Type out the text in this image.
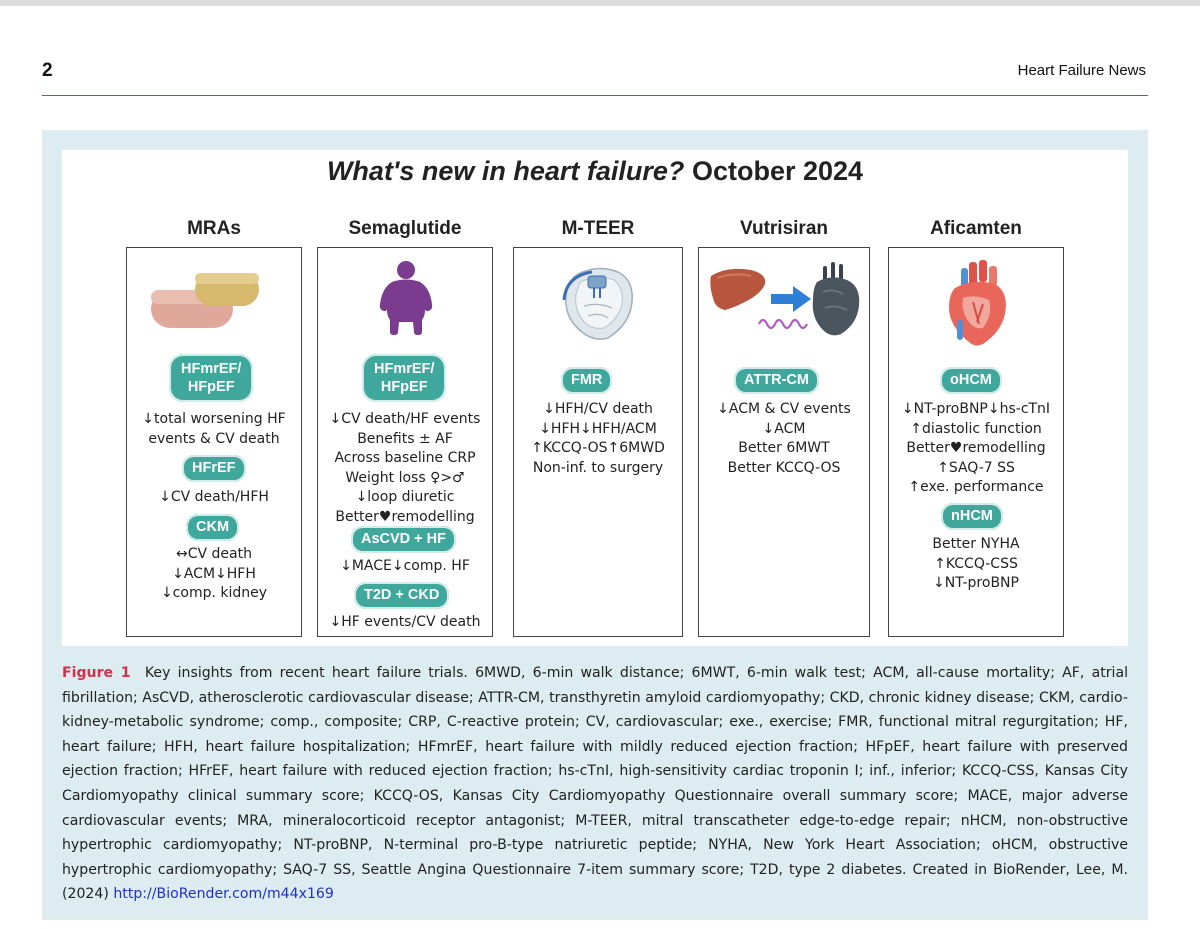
2	Heart Failure News
What's new in heart failure? October 2024
MRAs
HFmrEF/
HFpEF
↓total worsening HF
events & CV death
HFrEF
↓CV death/HFH
CKM
↔CV death
↓ACM↓HFH
↓comp. kidney
Semaglutide
HFmrEF/
HFpEF
↓CV death/HF events
Benefits ± AF
Across baseline CRP
Weight loss ♀>♂
↓loop diuretic
Better♥remodelling
AsCVD + HF
↓MACE↓comp. HF
T2D + CKD
↓HF events/CV death
M-TEER
FMR
↓HFH/CV death
↓HFH↓HFH/ACM
↑KCCQ-OS↑6MWD
Non-inf. to surgery
Vutrisiran
ATTR-CM
↓ACM & CV events
↓ACM
Better 6MWT
Better KCCQ-OS
Aficamten
oHCM
↓NT-proBNP↓hs-cTnI
↑diastolic function
Better♥remodelling
↑SAQ-7 SS
↑exe. performance
nHCM
Better NYHA
↑KCCQ-CSS
↓NT-proBNP
Figure 1 Key insights from recent heart failure trials. 6MWD, 6-min walk distance; 6MWT, 6-min walk test; ACM, all-cause mortality; AF, atrial fibrillation; AsCVD, atherosclerotic cardiovascular disease; ATTR-CM, transthyretin amyloid cardiomyopathy; CKD, chronic kidney disease; CKM, cardio-kidney-metabolic syndrome; comp., composite; CRP, C-reactive protein; CV, cardiovascular; exe., exercise; FMR, functional mitral regurgitation; HF, heart failure; HFH, heart failure hospitalization; HFmrEF, heart failure with mildly reduced ejection fraction; HFpEF, heart failure with preserved ejection fraction; HFrEF, heart failure with reduced ejection fraction; hs-cTnI, high-sensitivity cardiac troponin I; inf., inferior; KCCQ-CSS, Kansas City Cardiomyopathy clinical summary score; KCCQ-OS, Kansas City Cardiomyopathy Questionnaire overall summary score; MACE, major adverse cardiovascular events; MRA, mineralocorticoid receptor antagonist; M-TEER, mitral transcatheter edge-to-edge repair; nHCM, non-obstructive hypertrophic cardiomyopathy; NT-proBNP, N-terminal pro-B-type natriuretic peptide; NYHA, New York Heart Association; oHCM, obstructive hypertrophic cardiomyopathy; SAQ-7 SS, Seattle Angina Questionnaire 7-item summary score; T2D, type 2 diabetes. Created in BioRender, Lee, M. (2024) http://BioRender.com/m44x169
